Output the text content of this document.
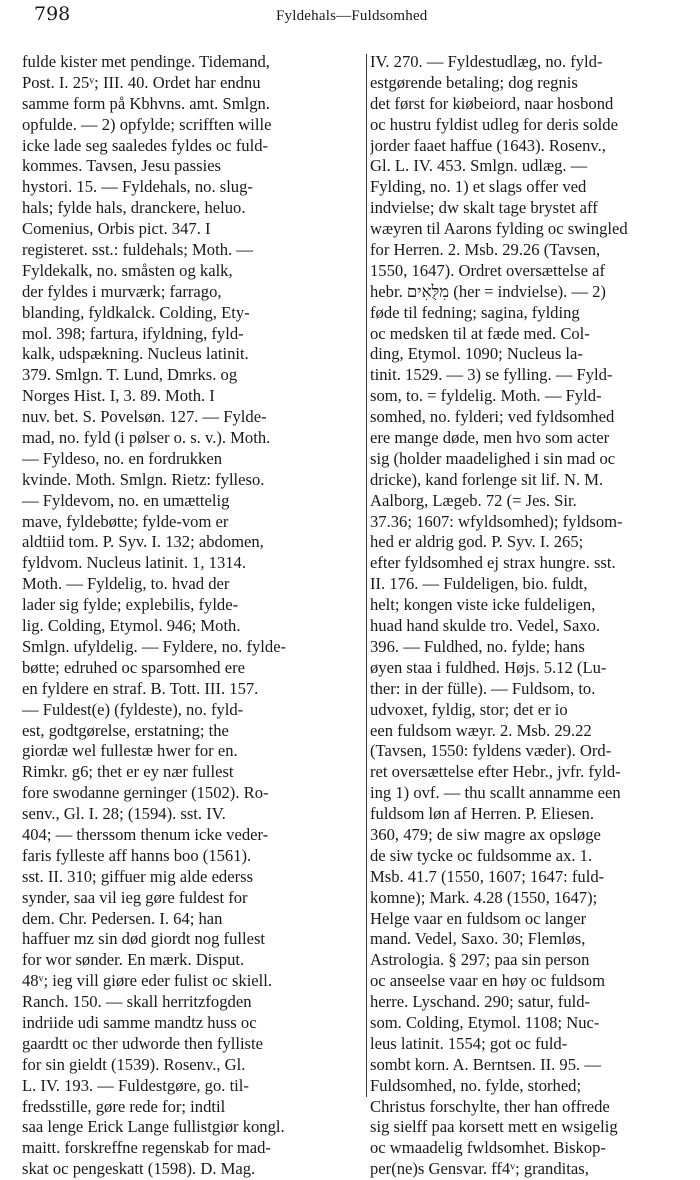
798	Fyldehals—Fuldsomhed
fulde kister met pendinge. Tidemand,
Post. I. 25ᵛ; III. 40. Ordet har endnu
samme form på Kbhvns. amt. Smlgn.
opfulde. — 2) opfylde; scrifften wille
icke lade seg saaledes fyldes oc fuld-
kommes. Tavsen, Jesu passies
hystori. 15. — Fyldehals, no. slug-
hals; fylde hals, dranckere, heluo.
Comenius, Orbis pict. 347. I
registeret. sst.: fuldehals; Moth. —
Fyldekalk, no. småsten og kalk,
der fyldes i murværk; farrago,
blanding, fyldkalck. Colding, Ety-
mol. 398; fartura, ifyldning, fyld-
kalk, udspækning. Nucleus latinit.
379. Smlgn. T. Lund, Dmrks. og
Norges Hist. I, 3. 89. Moth. I
nuv. bet. S. Povelsøn. 127. — Fylde-
mad, no. fyld (i pølser o. s. v.). Moth.
— Fyldeso, no. en fordrukken
kvinde. Moth. Smlgn. Rietz: fylleso.
— Fyldevom, no. en umættelig
mave, fyldebøtte; fylde-vom er
aldtiid tom. P. Syv. I. 132; abdomen,
fyldvom. Nucleus latinit. 1, 1314.
Moth. — Fyldelig, to. hvad der
lader sig fylde; explebilis, fylde-
lig. Colding, Etymol. 946; Moth.
Smlgn. ufyldelig. — Fyldere, no. fylde-
bøtte; edruhed oc sparsomhed ere
en fyldere en straf. B. Tott. III. 157.
— Fuldest(e) (fyldeste), no. fyld-
est, godtgørelse, erstatning; the
giordæ wel fullestæ hwer for en.
Rimkr. g6; thet er ey nær fullest
fore swodanne gerninger (1502). Ro-
senv., Gl. I. 28; (1594). sst. IV.
404; — therssom thenum icke veder-
faris fylleste aff hanns boo (1561).
sst. II. 310; giffuer mig alde ederss
synder, saa vil ieg gøre fuldest for
dem. Chr. Pedersen. I. 64; han
haffuer mz sin død giordt nog fullest
for wor sønder. En mærk. Disput.
48ᵛ; ieg vill giøre eder fulist oc skiell.
Ranch. 150. — skall herritzfogden
indriide udi samme mandtz huss oc
gaardtt oc ther udworde then fylliste
for sin gieldt (1539). Rosenv., Gl.
L. IV. 193. — Fuldestgøre, go. til-
fredsstille, gøre rede for; indtil
saa lenge Erick Lange fullistgiør kongl.
maitt. forskreffne regenskab for mad-
skat oc pengeskatt (1598). D. Mag.
IV. 270. — Fyldestudlæg, no. fyld-
estgørende betaling; dog regnis
det først for kiøbeiord, naar hosbond
oc hustru fyldist udleg for deris solde
jorder faaet haffue (1643). Rosenv.,
Gl. L. IV. 453. Smlgn. udlæg. —
Fylding, no. 1) et slags offer ved
indvielse; dw skalt tage brystet aff
wæyren til Aarons fylding oc swingled
for Herren. 2. Msb. 29.26 (Tavsen,
1550, 1647). Ordret oversættelse af
hebr. מִלֻּאִים (her = indvielse). — 2)
føde til fedning; sagina, fylding
oc medsken til at fæde med. Col-
ding, Etymol. 1090; Nucleus la-
tinit. 1529. — 3) se fylling. — Fyld-
som, to. = fyldelig. Moth. — Fyld-
somhed, no. fylderi; ved fyldsomhed
ere mange døde, men hvo som acter
sig (holder maadelighed i sin mad oc
dricke), kand forlenge sit lif. N. M.
Aalborg, Lægeb. 72 (= Jes. Sir.
37.36; 1607: wfyldsomhed); fyldsom-
hed er aldrig god. P. Syv. I. 265;
efter fyldsomhed ej strax hungre. sst.
II. 176. — Fuldeligen, bio. fuldt,
helt; kongen viste icke fuldeligen,
huad hand skulde tro. Vedel, Saxo.
396. — Fuldhed, no. fylde; hans
øyen staa i fuldhed. Højs. 5.12 (Lu-
ther: in der fülle). — Fuldsom, to.
udvoxet, fyldig, stor; det er io
een fuldsom wæyr. 2. Msb. 29.22
(Tavsen, 1550: fyldens væder). Ord-
ret oversættelse efter Hebr., jvfr. fyld-
ing 1) ovf. — thu scallt annamme een
fuldsom løn af Herren. P. Eliesen.
360, 479; de siw magre ax opsløge
de siw tycke oc fuldsomme ax. 1.
Msb. 41.7 (1550, 1607; 1647: fuld-
komne); Mark. 4.28 (1550, 1647);
Helge vaar en fuldsom oc langer
mand. Vedel, Saxo. 30; Flemløs,
Astrologia. § 297; paa sin person
oc anseelse vaar en høy oc fuldsom
herre. Lyschand. 290; satur, fuld-
som. Colding, Etymol. 1108; Nuc-
leus latinit. 1554; got oc fuld-
sombt korn. A. Berntsen. II. 95. —
Fuldsomhed, no. fylde, storhed;
Christus forschylte, ther han offrede
sig sielff paa korsett mett en wsigelig
oc wmaadelig fwldsomhet. Biskop-
per(ne)s Gensvar. ff4ᵛ; granditas,
